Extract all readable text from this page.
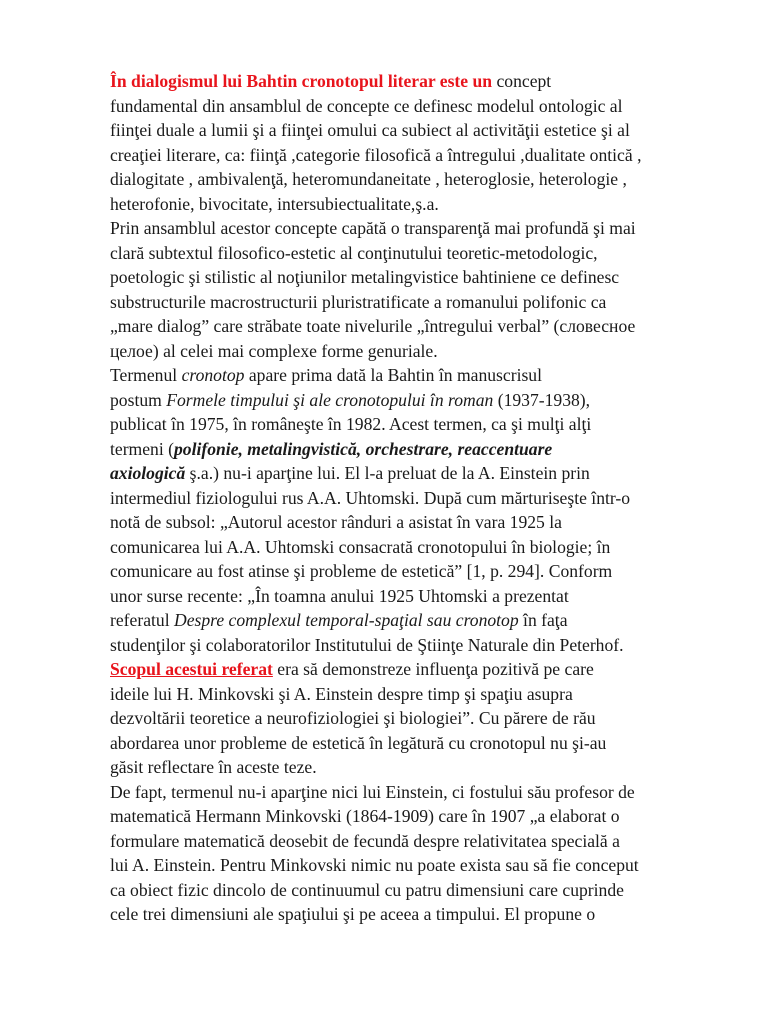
În dialogismul lui Bahtin cronotopul literar este un concept
fundamental din ansamblul de concepte ce definesc modelul ontologic al
fiinţei duale a lumii şi a fiinţei omului ca subiect al activităţii estetice şi al
creaţiei literare, ca: fiinţă ,categorie filosofică a întregului ,dualitate ontică ,
dialogitate , ambivalenţă, heteromundaneitate , heteroglosie, heterologie ,
heterofonie, bivocitate, intersubiectualitate,ş.a.
Prin ansamblul acestor concepte capătă o transparenţă mai profundă şi mai
clară subtextul filosofico-estetic al conţinutului teoretic-metodologic,
poetologic şi stilistic al noţiunilor metalingvistice bahtiniene ce definesc
substructurile macrostructurii pluristratificate a romanului polifonic ca
„mare dialog” care străbate toate nivelurile „întregului verbal” (словесное
целое) al celei mai complexe forme genuriale.
Termenul cronotop apare prima dată la Bahtin în manuscrisul
postum Formele timpului şi ale cronotopului în roman (1937-1938),
publicat în 1975, în româneşte în 1982. Acest termen, ca şi mulţi alţi
termeni (polifonie, metalingvistică, orchestrare, reaccentuare
axiologică ş.a.) nu-i aparţine lui. El l-a preluat de la A. Einstein prin
intermediul fiziologului rus A.A. Uhtomski. După cum mărturiseşte într-o
notă de subsol: „Autorul acestor rânduri a asistat în vara 1925 la
comunicarea lui A.A. Uhtomski consacrată cronotopului în biologie; în
comunicare au fost atinse şi probleme de estetică” [1, p. 294]. Conform
unor surse recente: „În toamna anului 1925 Uhtomski a prezentat
referatul Despre complexul temporal-spaţial sau cronotop în faţa
studenţilor şi colaboratorilor Institutului de Ştiinţe Naturale din Peterhof.
Scopul acestui referat era să demonstreze influenţa pozitivă pe care
ideile lui H. Minkovski şi A. Einstein despre timp şi spaţiu asupra
dezvoltării teoretice a neurofiziologiei şi biologiei”. Cu părere de rău
abordarea unor probleme de estetică în legătură cu cronotopul nu şi-au
găsit reflectare în aceste teze.
De fapt, termenul nu-i aparţine nici lui Einstein, ci fostului său profesor de
matematică Hermann Minkovski (1864-1909) care în 1907 „a elaborat o
formulare matematică deosebit de fecundă despre relativitatea specială a
lui A. Einstein. Pentru Minkovski nimic nu poate exista sau să fie conceput
ca obiect fizic dincolo de continuumul cu patru dimensiuni care cuprinde
cele trei dimensiuni ale spaţiului şi pe aceea a timpului. El propune o
